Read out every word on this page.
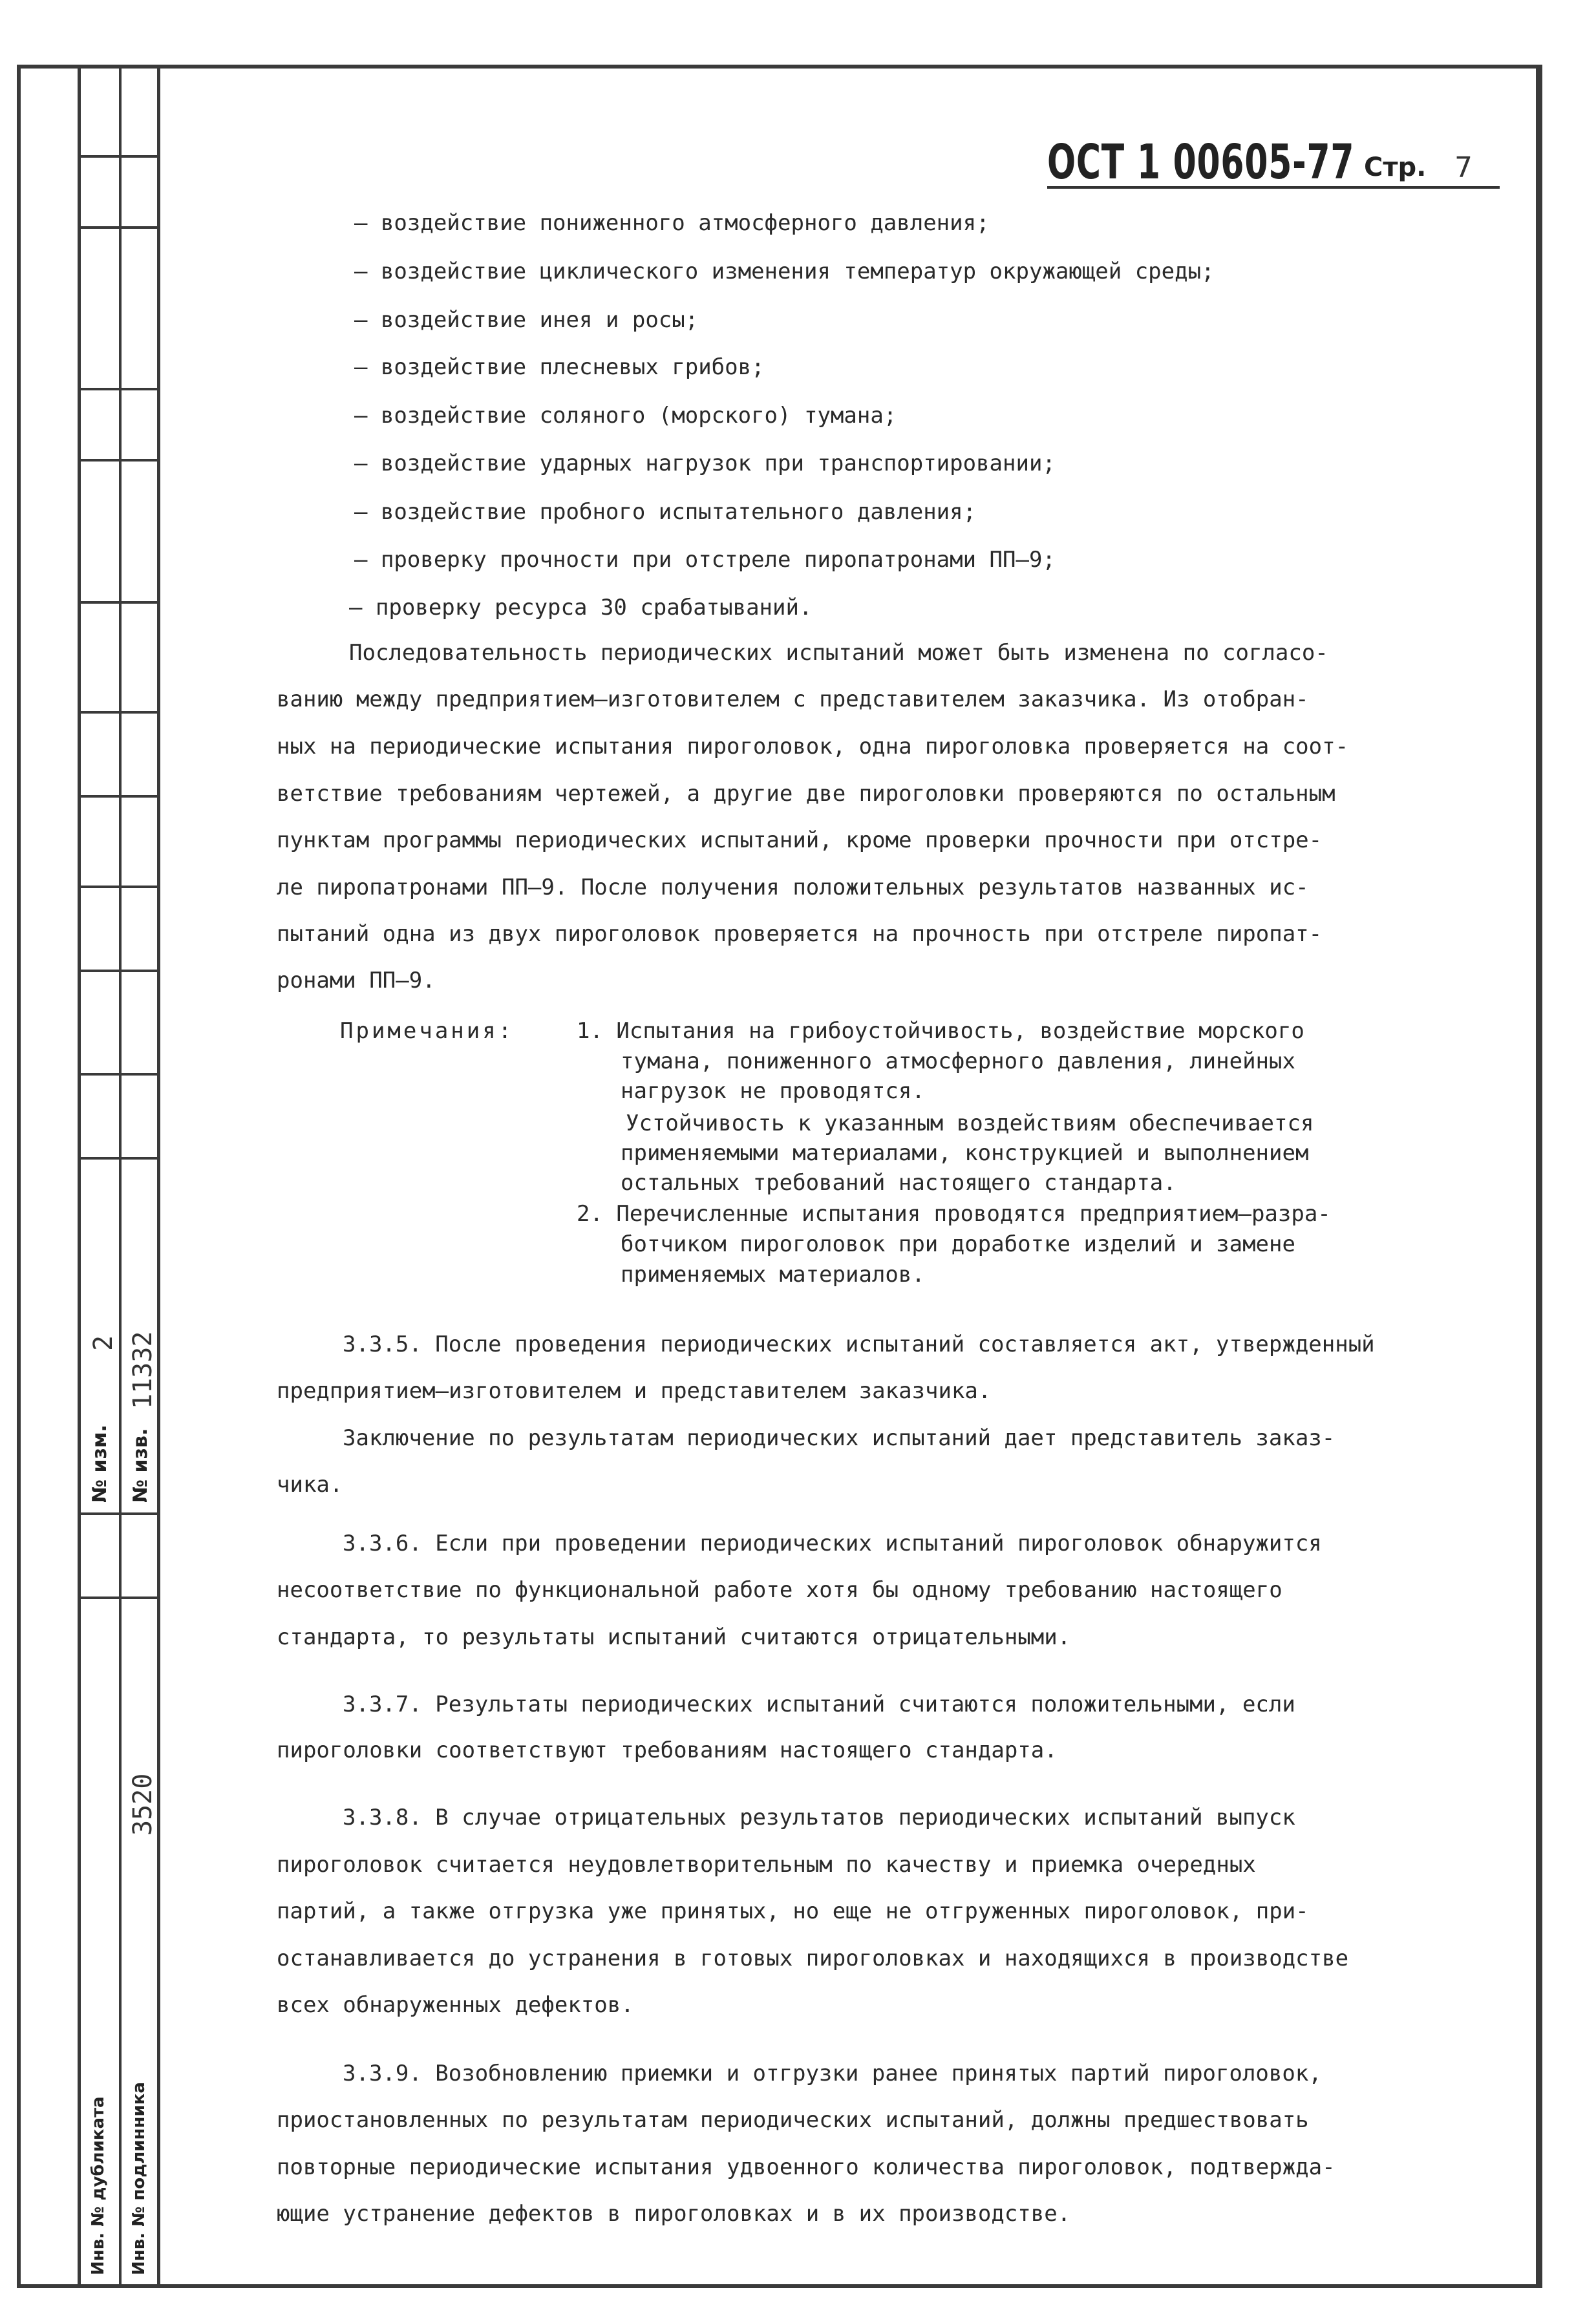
№ изм.
2
№ изв.
11332
3520
Инв. № дубликата Инв. № подлинника
ОСТ 1 00605-77 Стр. 7
– воздействие пониженного атмосферного давления;
– воздействие циклического изменения температур окружающей среды;
– воздействие инея и росы;
– воздействие плесневых грибов;
– воздействие соляного (морского) тумана;
– воздействие ударных нагрузок при транспортировании;
– воздействие пробного испытательного давления;
– проверку прочности при отстреле пиропатронами ПП–9;
– проверку ресурса 30 срабатываний.
Последовательность периодических испытаний может быть изменена по согласо-
ванию между предприятием–изготовителем с представителем заказчика. Из отобран-
ных на периодические испытания пироголовок, одна пироголовка проверяется на соот-
ветствие требованиям чертежей, а другие две пироголовки проверяются по остальным
пунктам программы периодических испытаний, кроме проверки прочности при отстре-
ле пиропатронами ПП–9. После получения положительных результатов названных ис-
пытаний одна из двух пироголовок проверяется на прочность при отстреле пиропат-
ронами ПП–9.
Примечания:	1. Испытания на грибоустойчивость, воздействие морского
тумана, пониженного атмосферного давления, линейных
нагрузок не проводятся.
Устойчивость к указанным воздействиям обеспечивается
применяемыми материалами, конструкцией и выполнением
остальных требований настоящего стандарта.
2. Перечисленные испытания проводятся предприятием–разра-
ботчиком пироголовок при доработке изделий и замене
применяемых материалов.
3.3.5. После проведения периодических испытаний составляется акт, утвержденный
предприятием–изготовителем и представителем заказчика.
Заключение по результатам периодических испытаний дает представитель заказ-
чика.
3.3.6. Если при проведении периодических испытаний пироголовок обнаружится
несоответствие по функциональной работе хотя бы одному требованию настоящего
стандарта, то результаты испытаний считаются отрицательными.
3.3.7. Результаты периодических испытаний считаются положительными, если
пироголовки соответствуют требованиям настоящего стандарта.
3.3.8. В случае отрицательных результатов периодических испытаний выпуск
пироголовок считается неудовлетворительным по качеству и приемка очередных
партий, а также отгрузка уже принятых, но еще не отгруженных пироголовок, при-
останавливается до устранения в готовых пироголовках и находящихся в производстве
всех обнаруженных дефектов.
3.3.9. Возобновлению приемки и отгрузки ранее принятых партий пироголовок,
приостановленных по результатам периодических испытаний, должны предшествовать
повторные периодические испытания удвоенного количества пироголовок, подтвержда-
ющие устранение дефектов в пироголовках и в их производстве.
